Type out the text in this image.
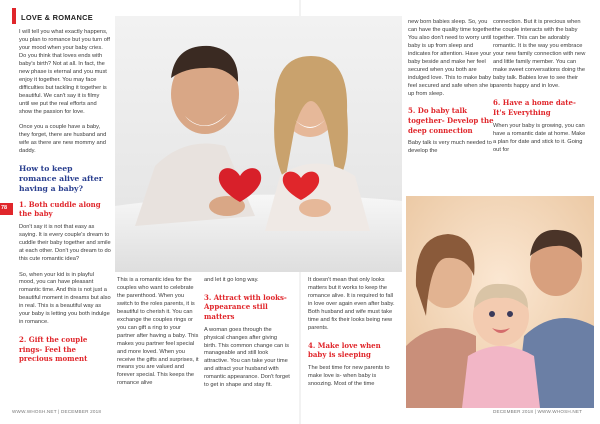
LOVE & ROMANCE
78

I will tell you what exactly happens, you plan to romance but you turn off your mood when your baby cries. Do you think that loves ends with baby's birth? Not at all. In fact, the new phase is eternal and you must enjoy it together. You may face difficulties but tackling it together is beautiful. We can't say it is filmy until we put the real efforts and show the passion for love.

Once you a couple have a baby, they forget, there are husband and wife as there are new mommy and daddy.

How to keep romance alive after having a baby?
1. Both cuddle along the baby

Don't say it is not that easy as saying. It is every couple's dream to cuddle their baby together and smile at each other. Don't you dream to do this cute romantic idea?

So, when your kid is in playful mood, you can have pleasant romantic time. And this is not just a beautiful moment in dreams but also in real. This is a beautiful way as your baby is letting you both indulge in romance.

2. Gift the couple rings- Feel the precious moment

This is a romantic idea for the couples who want to celebrate the parenthood. When you switch to the roles parents, it is beautiful to cherish it. You can exchange the couples rings or you can gift a ring to your partner after having a baby. This makes you partner feel special and more loved. When you receive the gifts and surprises, it means you are valued and forever special. This keeps the romance alive

and let it go long way.

3. Attract with looks- Appearance still matters

A woman goes through the physical changes after giving birth. This common change can is manageable and still look attractive. You can take your time and attract your husband with romantic appearance. Don't forget to get in shape and stay fit.

It doesn't mean that only looks matters but it works to keep the romance alive. It is required to fall in love over again even after baby. Both husband and wife must take time and fix their looks being new parents.

4. Make love when baby is sleeping

The best time for new parents to make love is- when baby is snoozing. Most of the time

new born babies sleep. So, you can have the quality time together. You also don't need to worry until baby is up from sleep and indicates for attention. Have your baby beside and make her feel secured when you both are indulged love. This to make baby feel secured and safe when she is up from sleep.

5. Do baby talk together- Develop the deep connection

Baby talk is very much needed to develop the

connection. But it is precious when the couple interacts with the baby together. This can be adorably romantic. It is the way you embrace your new family connection with new and little family member. You can make sweet conversations doing the baby talk. Babies love to see their parents happy and in love.

6. Have a home date- It's Everything

When your baby is growing, you can have a romantic date at home. Make a plan for date and stick to it. Going out for

WWW.WHOSH.NET | DECEMBER 2018	DECEMBER 2018 | WWW.WHOSH.NET
